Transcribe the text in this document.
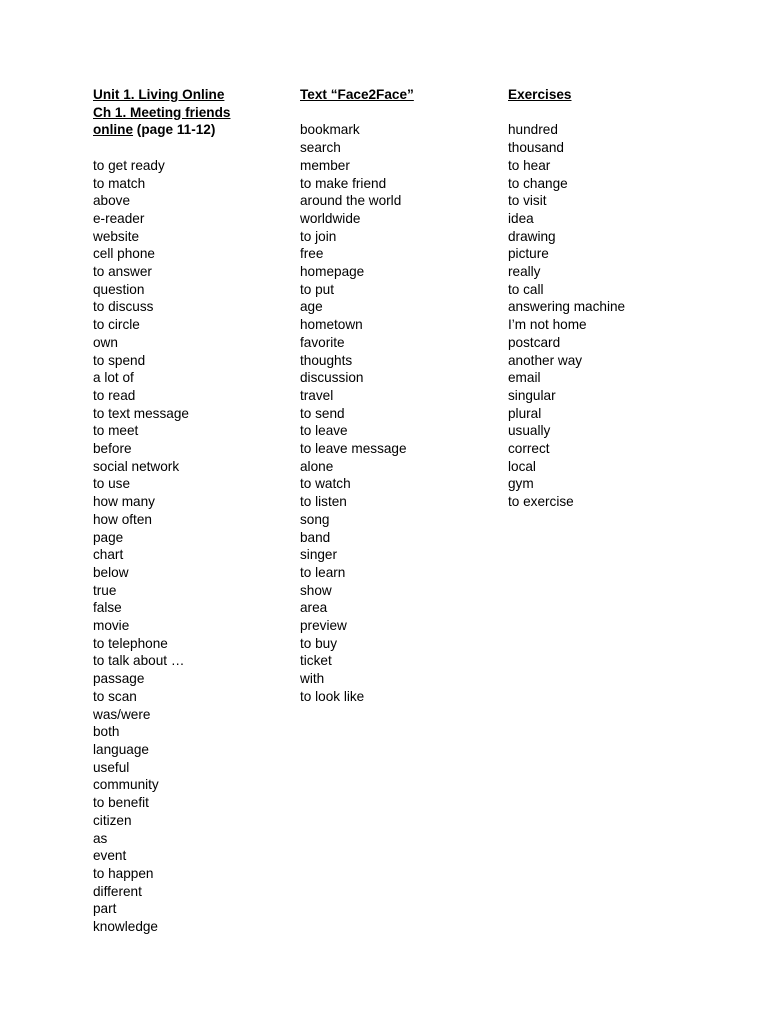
Unit 1. Living Online
Ch 1. Meeting friends
online (page 11-12)
to get ready
to match
above
e-reader
website
cell phone
to answer
question
to discuss
to circle
own
to spend
a lot of
to read
to text message
to meet
before
social network
to use
how many
how often
page
chart
below
true
false
movie
to telephone
to talk about …
passage
to scan
was/were
both
language
useful
community
to benefit
citizen
as
event
to happen
different
part
knowledge
Text “Face2Face”
bookmark
search
member
to make friend
around the world
worldwide
to join
free
homepage
to put
age
hometown
favorite
thoughts
discussion
travel
to send
to leave
to leave message
alone
to watch
to listen
song
band
singer
to learn
show
area
preview
to buy
ticket
with
to look like
Exercises
hundred
thousand
to hear
to change
to visit
idea
drawing
picture
really
to call
answering machine
I’m not home
postcard
another way
email
singular
plural
usually
correct
local
gym
to exercise
